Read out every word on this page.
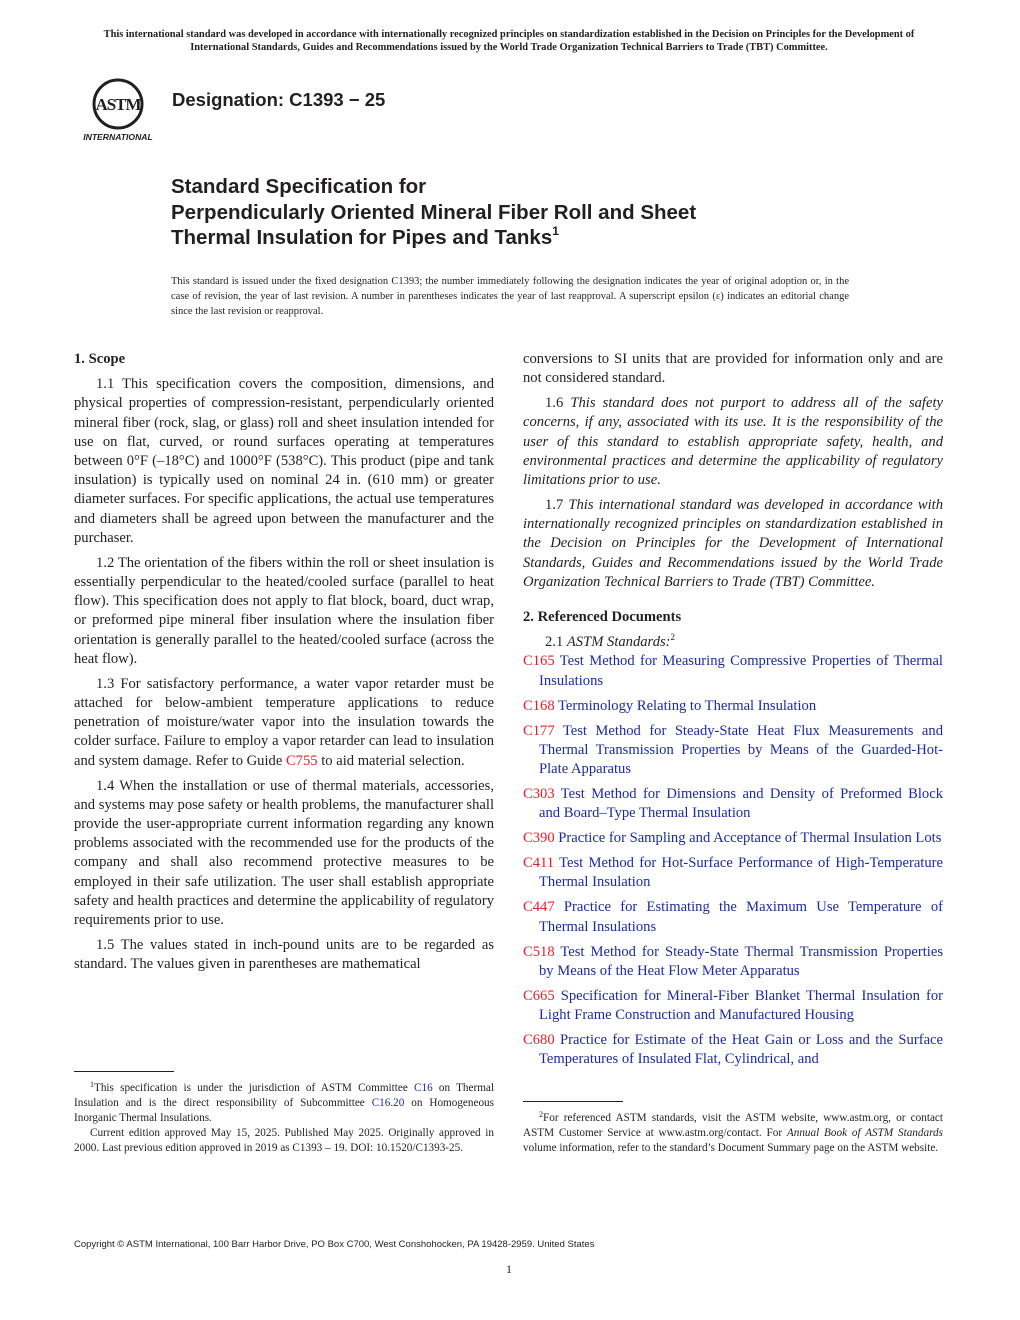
This international standard was developed in accordance with internationally recognized principles on standardization established in the Decision on Principles for the Development of International Standards, Guides and Recommendations issued by the World Trade Organization Technical Barriers to Trade (TBT) Committee.
ASTM
INTERNATIONAL
Designation: C1393 − 25
Standard Specification for
Perpendicularly Oriented Mineral Fiber Roll and Sheet
Thermal Insulation for Pipes and Tanks$^1$
This standard is issued under the fixed designation C1393; the number immediately following the designation indicates the year of original adoption or, in the case of revision, the year of last revision. A number in parentheses indicates the year of last reapproval. A superscript epsilon (ε) indicates an editorial change since the last revision or reapproval.
1. Scope

1.1 This specification covers the composition, dimensions, and physical properties of compression-resistant, perpendicularly oriented mineral fiber (rock, slag, or glass) roll and sheet insulation intended for use on flat, curved, or round surfaces operating at temperatures between 0°F (–18°C) and 1000°F (538°C). This product (pipe and tank insulation) is typically used on nominal 24 in. (610 mm) or greater diameter surfaces. For specific applications, the actual use temperatures and diameters shall be agreed upon between the manufacturer and the purchaser.

1.2 The orientation of the fibers within the roll or sheet insulation is essentially perpendicular to the heated/cooled surface (parallel to heat flow). This specification does not apply to flat block, board, duct wrap, or preformed pipe mineral fiber insulation where the insulation fiber orientation is generally parallel to the heated/cooled surface (across the heat flow).

1.3 For satisfactory performance, a water vapor retarder must be attached for below-ambient temperature applications to reduce penetration of moisture/water vapor into the insulation towards the colder surface. Failure to employ a vapor retarder can lead to insulation and system damage. Refer to Guide C755 to aid material selection.

1.4 When the installation or use of thermal materials, accessories, and systems may pose safety or health problems, the manufacturer shall provide the user-appropriate current information regarding any known problems associated with the recommended use for the products of the company and shall also recommend protective measures to be employed in their safe utilization. The user shall establish appropriate safety and health practices and determine the applicability of regulatory requirements prior to use.

1.5 The values stated in inch-pound units are to be regarded as standard. The values given in parentheses are mathematical

conversions to SI units that are provided for information only and are not considered standard.

1.6 This standard does not purport to address all of the safety concerns, if any, associated with its use. It is the responsibility of the user of this standard to establish appropriate safety, health, and environmental practices and determine the applicability of regulatory limitations prior to use.

1.7 This international standard was developed in accordance with internationally recognized principles on standardization established in the Decision on Principles for the Development of International Standards, Guides and Recommendations issued by the World Trade Organization Technical Barriers to Trade (TBT) Committee.

2. Referenced Documents

2.1 ASTM Standards:$^2$

C165 Test Method for Measuring Compressive Properties of Thermal Insulations

C168 Terminology Relating to Thermal Insulation

C177 Test Method for Steady-State Heat Flux Measurements and Thermal Transmission Properties by Means of the Guarded-Hot-Plate Apparatus

C303 Test Method for Dimensions and Density of Preformed Block and Board–Type Thermal Insulation

C390 Practice for Sampling and Acceptance of Thermal Insulation Lots

C411 Test Method for Hot-Surface Performance of High-Temperature Thermal Insulation

C447 Practice for Estimating the Maximum Use Temperature of Thermal Insulations

C518 Test Method for Steady-State Thermal Transmission Properties by Means of the Heat Flow Meter Apparatus

C665 Specification for Mineral-Fiber Blanket Thermal Insulation for Light Frame Construction and Manufactured Housing

C680 Practice for Estimate of the Heat Gain or Loss and the Surface Temperatures of Insulated Flat, Cylindrical, and

$^1$This specification is under the jurisdiction of ASTM Committee C16 on Thermal Insulation and is the direct responsibility of Subcommittee C16.20 on Homogeneous Inorganic Thermal Insulations.

Current edition approved May 15, 2025. Published May 2025. Originally approved in 2000. Last previous edition approved in 2019 as C1393 – 19. DOI: 10.1520/C1393-25.

$^2$For referenced ASTM standards, visit the ASTM website, www.astm.org, or contact ASTM Customer Service at www.astm.org/contact. For Annual Book of ASTM Standards volume information, refer to the standard’s Document Summary page on the ASTM website.

Copyright © ASTM International, 100 Barr Harbor Drive, PO Box C700, West Conshohocken, PA 19428-2959. United States
1
